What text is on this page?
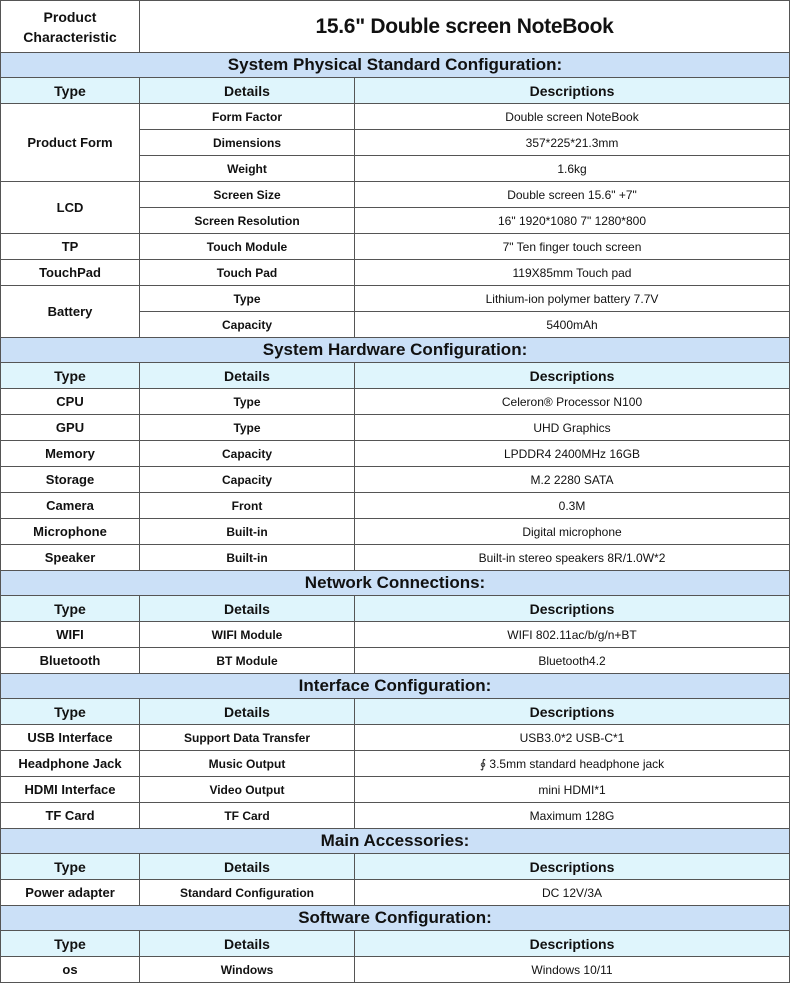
Product
Characteristic	15.6" Double screen NoteBook	
System Physical Standard Configuration:		
Type	Details	Descriptions
Product Form	Form Factor	Double screen NoteBook
	Dimensions	357*225*21.3mm
	Weight	1.6kg
LCD	Screen Size	Double screen 15.6" +7"
	Screen Resolution	16" 1920*1080 7" 1280*800
TP	Touch Module	7" Ten finger touch screen
TouchPad	Touch Pad	119X85mm Touch pad
Battery	Type	Lithium-ion polymer battery 7.7V
	Capacity	5400mAh
System Hardware Configuration:		
Type	Details	Descriptions
CPU	Type	Celeron® Processor N100
GPU	Type	UHD Graphics
Memory	Capacity	LPDDR4 2400MHz 16GB
Storage	Capacity	M.2 2280 SATA
Camera	Front	0.3M
Microphone	Built-in	Digital microphone
Speaker	Built-in	Built-in stereo speakers 8R/1.0W*2
Network Connections:		
Type	Details	Descriptions
WIFI	WIFI Module	WIFI 802.11ac/b/g/n+BT
Bluetooth	BT Module	Bluetooth4.2
Interface Configuration:		
Type	Details	Descriptions
USB Interface	Support Data Transfer	USB3.0*2 USB-C*1
Headphone Jack	Music Output	∮ 3.5mm standard headphone jack
HDMI Interface	Video Output	mini HDMI*1
TF Card	TF Card	Maximum 128G
Main Accessories:		
Type	Details	Descriptions
Power adapter	Standard Configuration	DC 12V/3A
Software Configuration:		
Type	Details	Descriptions
os	Windows	Windows 10/11
